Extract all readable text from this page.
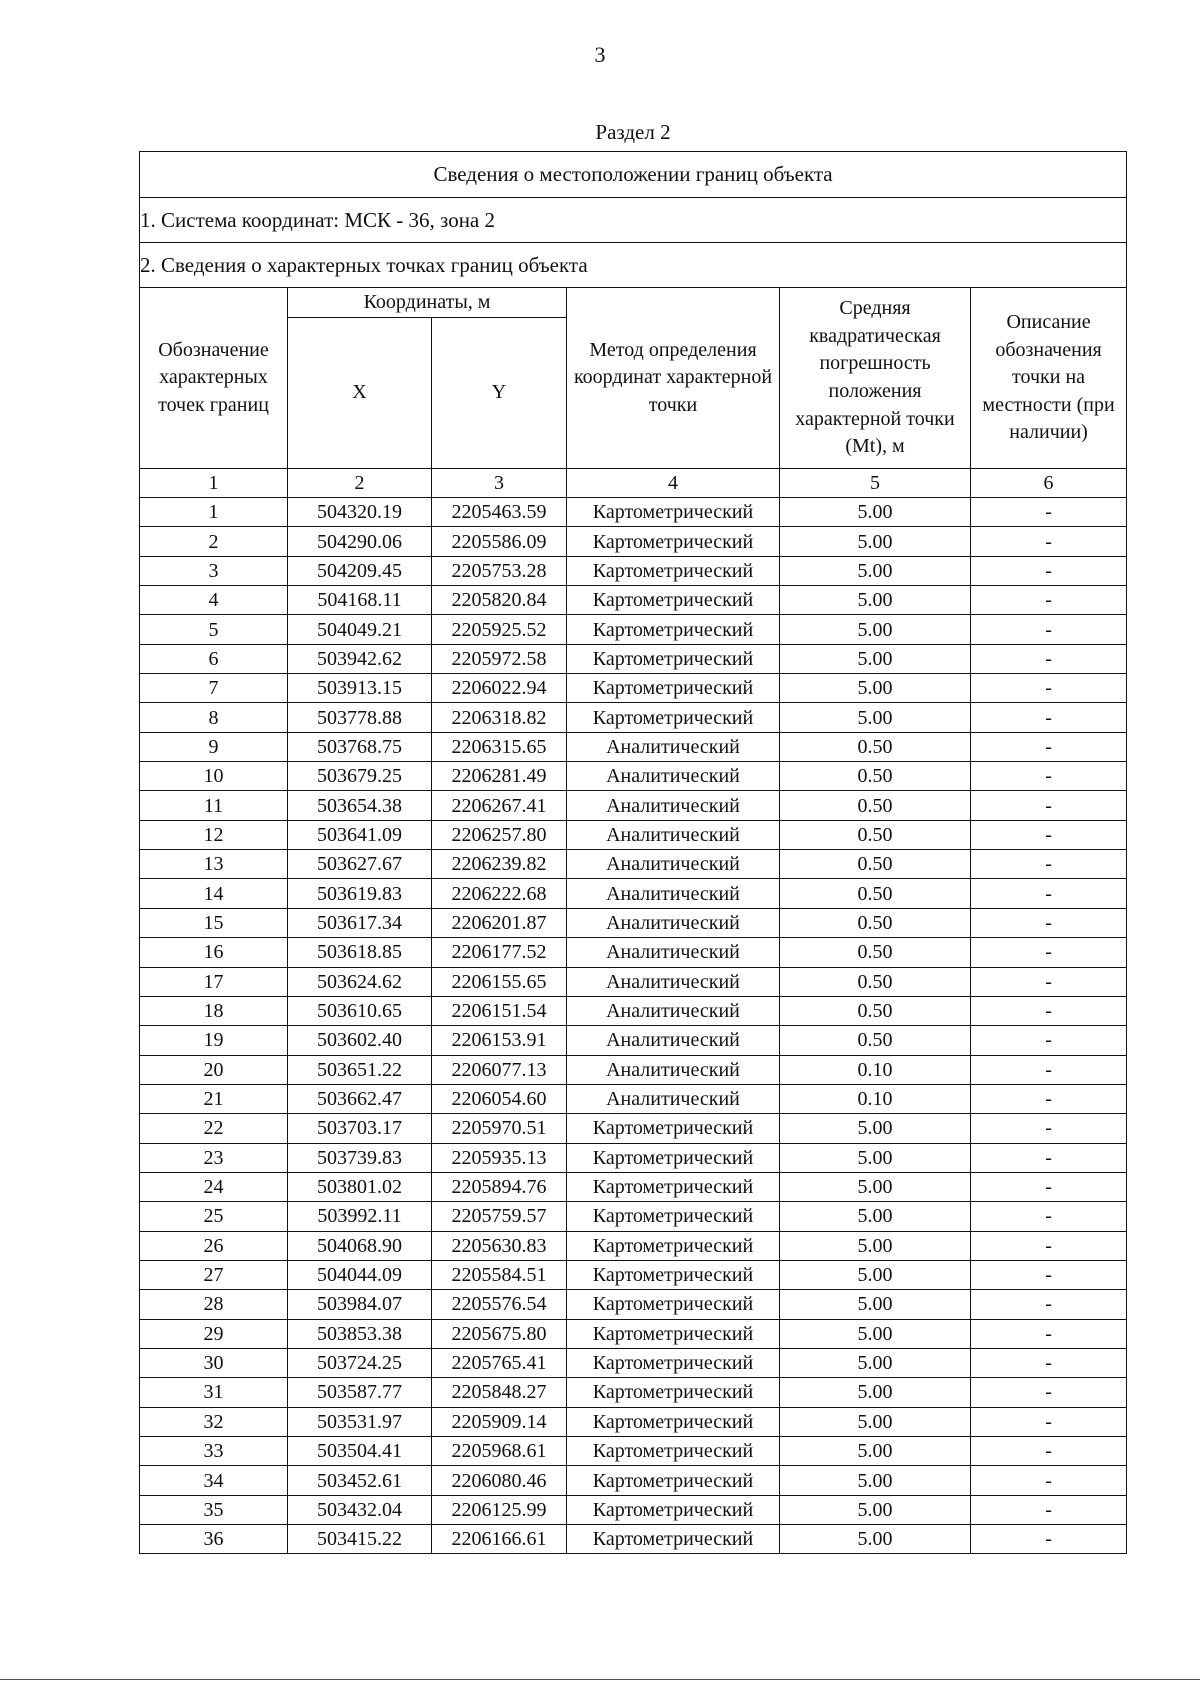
3
Раздел 2
Сведения о местоположении границ объекта					
1. Система координат: МСК - 36, зона 2					
2. Сведения о характерных точках границ объекта					
Обозначение характерных точек границ	Координаты, м		Метод определения координат характерной точки	Средняя квадратическая погрешность положения характерной точки (Mt), м	Описание обозначения точки на местности (при наличии)
	X	Y			
1	2	3	4	5	6
1	504320.19	2205463.59	Картометрический	5.00	-
2	504290.06	2205586.09	Картометрический	5.00	-
3	504209.45	2205753.28	Картометрический	5.00	-
4	504168.11	2205820.84	Картометрический	5.00	-
5	504049.21	2205925.52	Картометрический	5.00	-
6	503942.62	2205972.58	Картометрический	5.00	-
7	503913.15	2206022.94	Картометрический	5.00	-
8	503778.88	2206318.82	Картометрический	5.00	-
9	503768.75	2206315.65	Аналитический	0.50	-
10	503679.25	2206281.49	Аналитический	0.50	-
11	503654.38	2206267.41	Аналитический	0.50	-
12	503641.09	2206257.80	Аналитический	0.50	-
13	503627.67	2206239.82	Аналитический	0.50	-
14	503619.83	2206222.68	Аналитический	0.50	-
15	503617.34	2206201.87	Аналитический	0.50	-
16	503618.85	2206177.52	Аналитический	0.50	-
17	503624.62	2206155.65	Аналитический	0.50	-
18	503610.65	2206151.54	Аналитический	0.50	-
19	503602.40	2206153.91	Аналитический	0.50	-
20	503651.22	2206077.13	Аналитический	0.10	-
21	503662.47	2206054.60	Аналитический	0.10	-
22	503703.17	2205970.51	Картометрический	5.00	-
23	503739.83	2205935.13	Картометрический	5.00	-
24	503801.02	2205894.76	Картометрический	5.00	-
25	503992.11	2205759.57	Картометрический	5.00	-
26	504068.90	2205630.83	Картометрический	5.00	-
27	504044.09	2205584.51	Картометрический	5.00	-
28	503984.07	2205576.54	Картометрический	5.00	-
29	503853.38	2205675.80	Картометрический	5.00	-
30	503724.25	2205765.41	Картометрический	5.00	-
31	503587.77	2205848.27	Картометрический	5.00	-
32	503531.97	2205909.14	Картометрический	5.00	-
33	503504.41	2205968.61	Картометрический	5.00	-
34	503452.61	2206080.46	Картометрический	5.00	-
35	503432.04	2206125.99	Картометрический	5.00	-
36	503415.22	2206166.61	Картометрический	5.00	-
